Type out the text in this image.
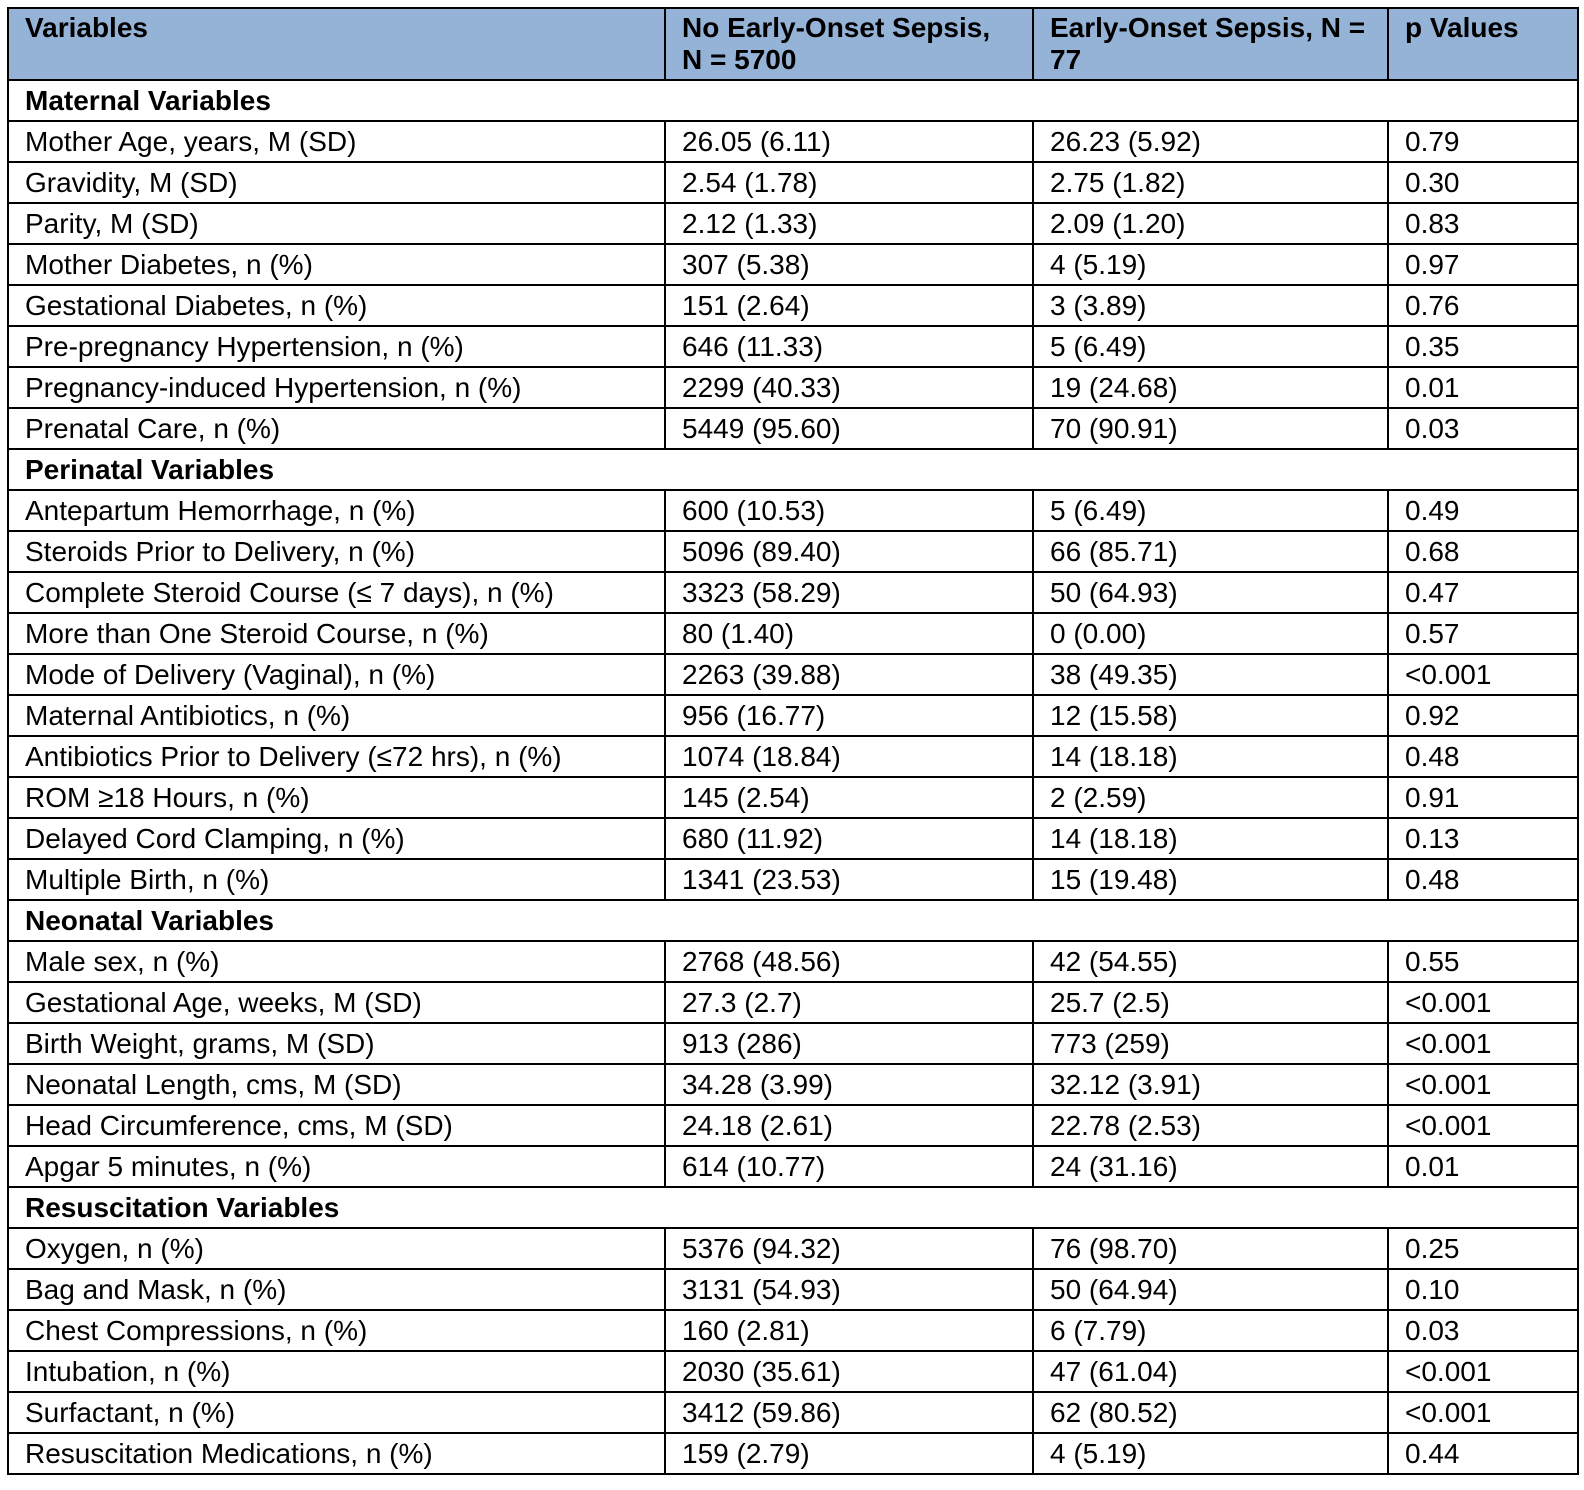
Variables	No Early-Onset Sepsis, N = 5700	Early-Onset Sepsis, N = 77	p Values
Maternal Variables			
Mother Age, years, M (SD)	26.05 (6.11)	26.23 (5.92)	0.79
Gravidity, M (SD)	2.54 (1.78)	2.75 (1.82)	0.30
Parity, M (SD)	2.12 (1.33)	2.09 (1.20)	0.83
Mother Diabetes, n (%)	307 (5.38)	4 (5.19)	0.97
Gestational Diabetes, n (%)	151 (2.64)	3 (3.89)	0.76
Pre-pregnancy Hypertension, n (%)	646 (11.33)	5 (6.49)	0.35
Pregnancy-induced Hypertension, n (%)	2299 (40.33)	19 (24.68)	0.01
Prenatal Care, n (%)	5449 (95.60)	70 (90.91)	0.03
Perinatal Variables			
Antepartum Hemorrhage, n (%)	600 (10.53)	5 (6.49)	0.49
Steroids Prior to Delivery, n (%)	5096 (89.40)	66 (85.71)	0.68
Complete Steroid Course (≤ 7 days), n (%)	3323 (58.29)	50 (64.93)	0.47
More than One Steroid Course, n (%)	80 (1.40)	0 (0.00)	0.57
Mode of Delivery (Vaginal), n (%)	2263 (39.88)	38 (49.35)	<0.001
Maternal Antibiotics, n (%)	956 (16.77)	12 (15.58)	0.92
Antibiotics Prior to Delivery (≤72 hrs), n (%)	1074 (18.84)	14 (18.18)	0.48
ROM ≥18 Hours, n (%)	145 (2.54)	2 (2.59)	0.91
Delayed Cord Clamping, n (%)	680 (11.92)	14 (18.18)	0.13
Multiple Birth, n (%)	1341 (23.53)	15 (19.48)	0.48
Neonatal Variables			
Male sex, n (%)	2768 (48.56)	42 (54.55)	0.55
Gestational Age, weeks, M (SD)	27.3 (2.7)	25.7 (2.5)	<0.001
Birth Weight, grams, M (SD)	913 (286)	773 (259)	<0.001
Neonatal Length, cms, M (SD)	34.28 (3.99)	32.12 (3.91)	<0.001
Head Circumference, cms, M (SD)	24.18 (2.61)	22.78 (2.53)	<0.001
Apgar 5 minutes, n (%)	614 (10.77)	24 (31.16)	0.01
Resuscitation Variables			
Oxygen, n (%)	5376 (94.32)	76 (98.70)	0.25
Bag and Mask, n (%)	3131 (54.93)	50 (64.94)	0.10
Chest Compressions, n (%)	160 (2.81)	6 (7.79)	0.03
Intubation, n (%)	2030 (35.61)	47 (61.04)	<0.001
Surfactant, n (%)	3412 (59.86)	62 (80.52)	<0.001
Resuscitation Medications, n (%)	159 (2.79)	4 (5.19)	0.44
